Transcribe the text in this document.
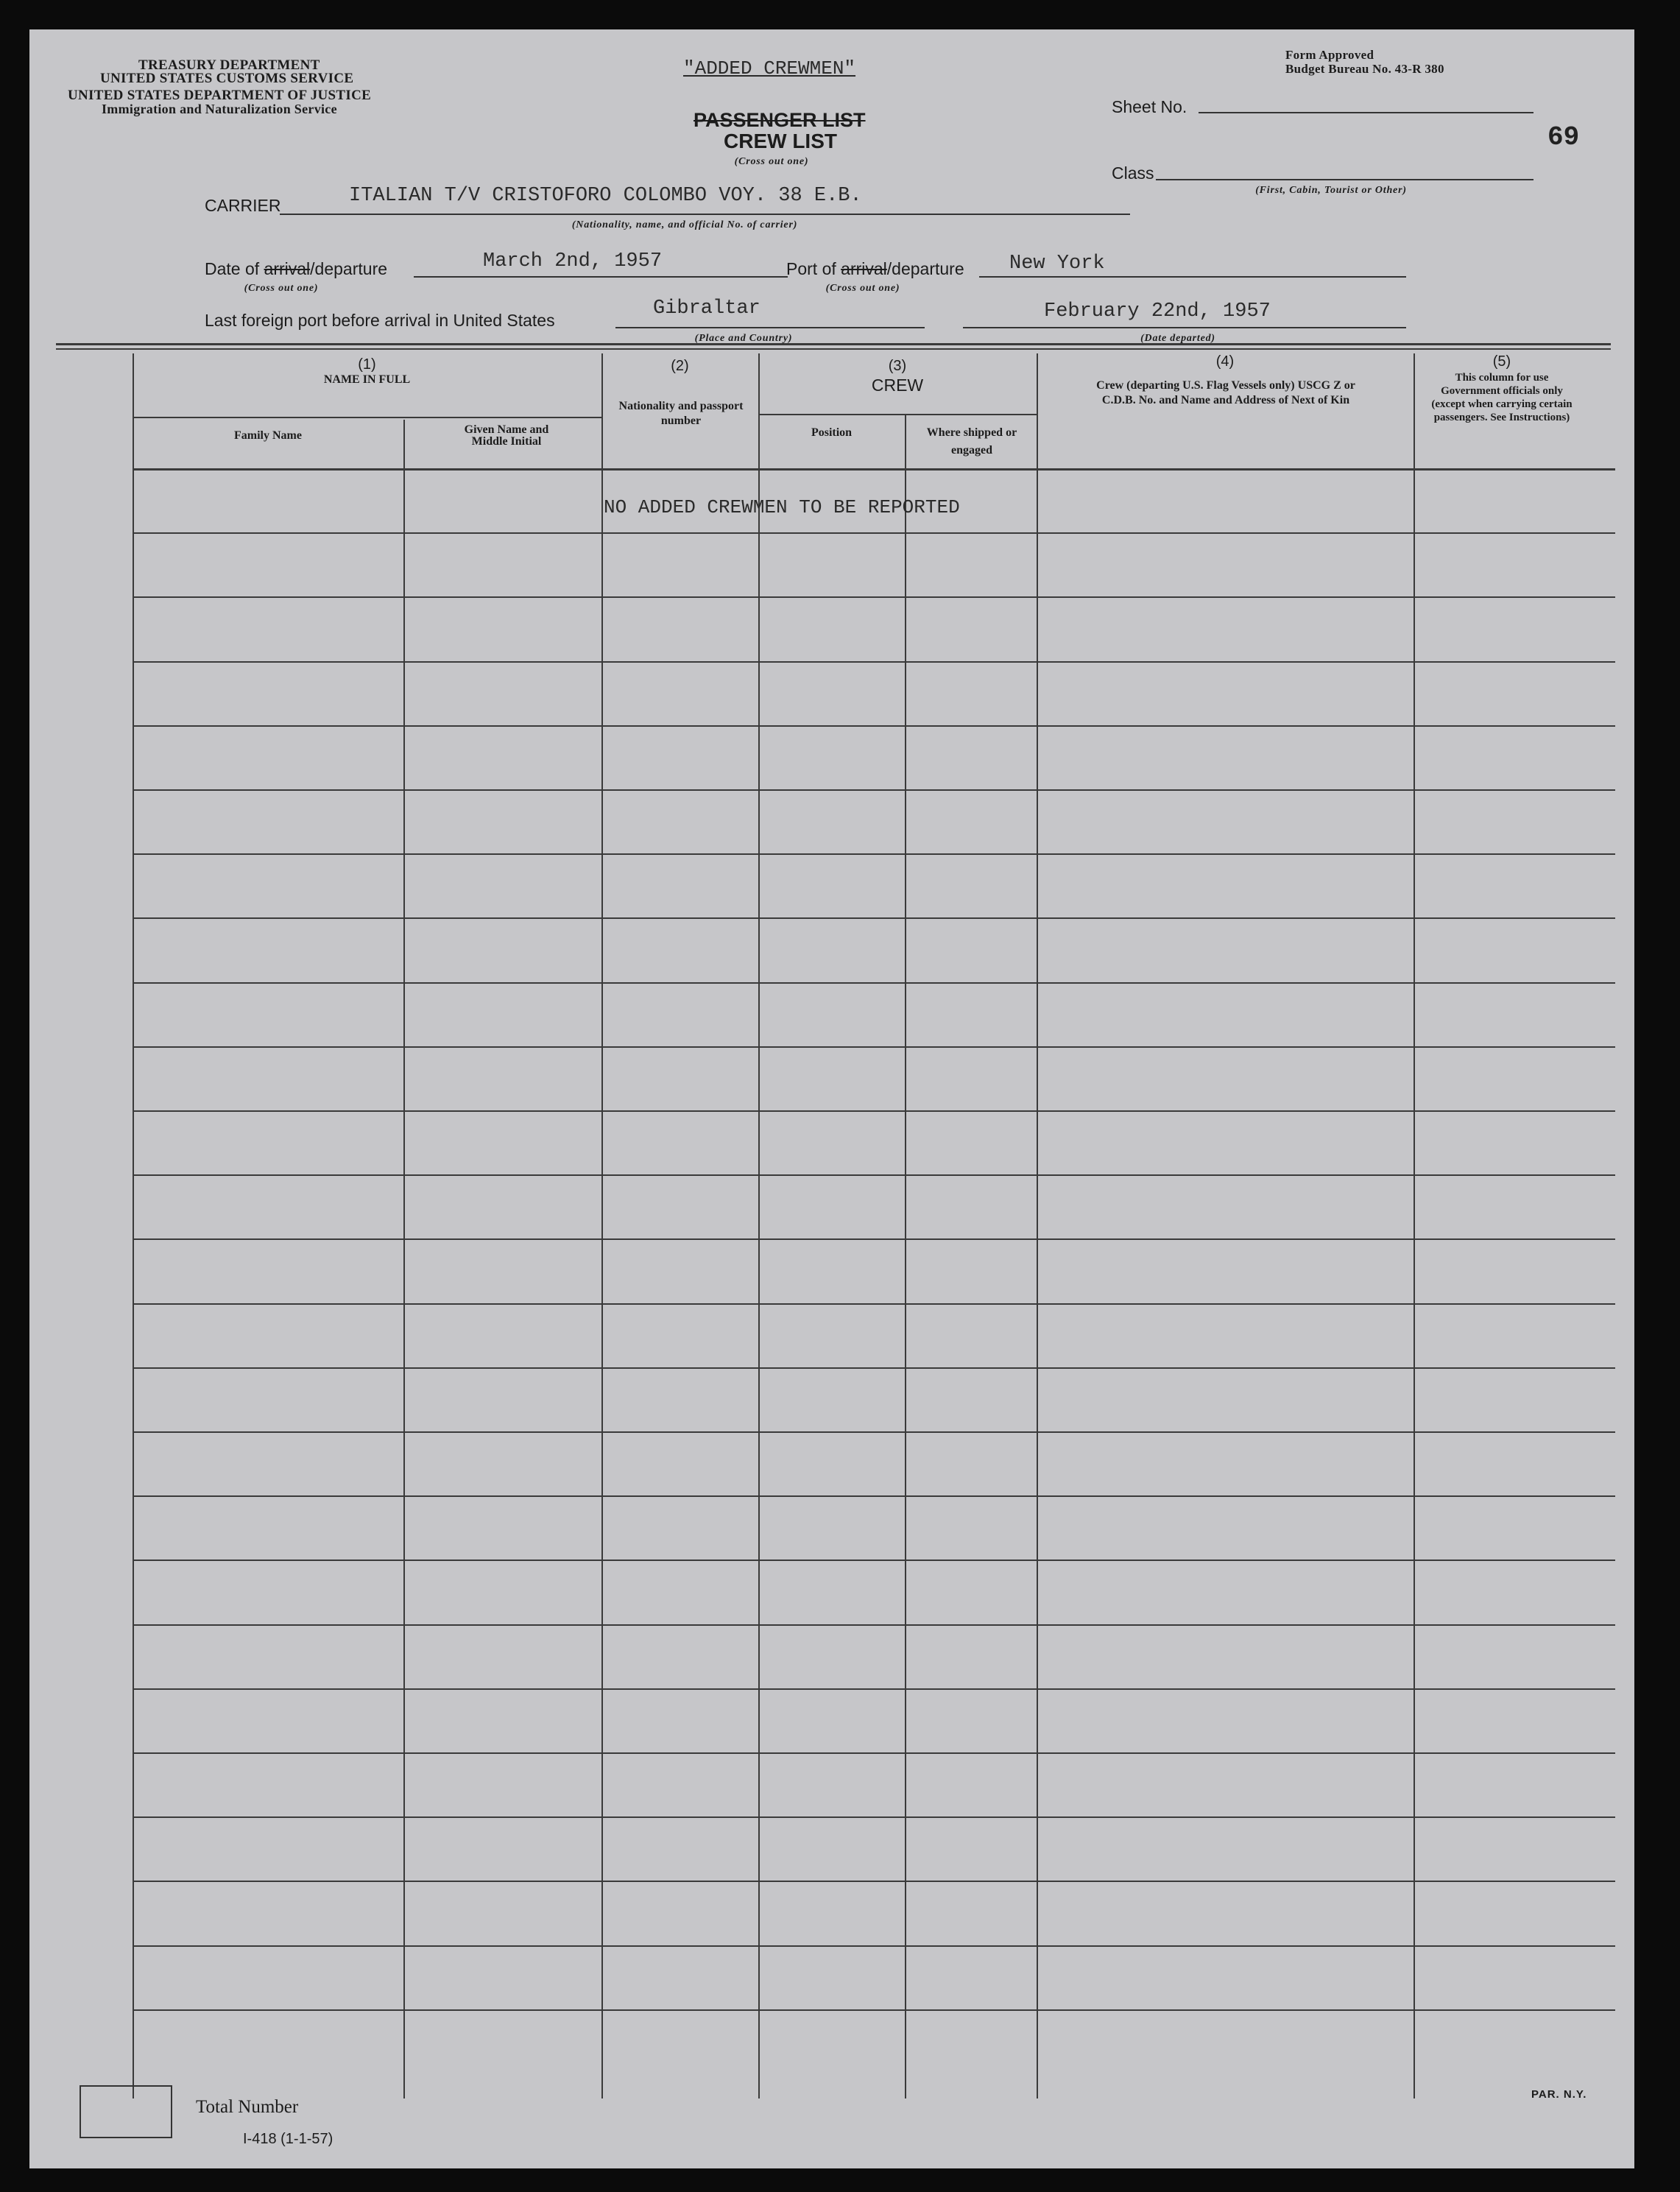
TREASURY DEPARTMENT
UNITED STATES CUSTOMS SERVICE
UNITED STATES DEPARTMENT OF JUSTICE
Immigration and Naturalization Service
"ADDED CREWMEN"
Form Approved
Budget Bureau No. 43-R 380
PASSENGER LIST
CREW LIST
(Cross out one)
Sheet No.
69
Class
(First, Cabin, Tourist or Other)
CARRIER	ITALIAN T/V CRISTOFORO COLOMBO VOY. 38 E.B.
(Nationality, name, and official No. of carrier)
Date of arrival/departure	March 2nd, 1957
(Cross out one)
Port of arrival/departure New York
(Cross out one)
Last foreign port before arrival in United States
Gibraltar
(Place and Country)
February 22nd, 1957
(Date departed)
(1)
NAME IN FULL
Family Name	Given Name and Middle Initial
(2)
Nationality and passport number
(3)
CREW
Position	Where shipped or engaged
(4)
Crew (departing U.S. Flag Vessels only) USCG Z or C.D.B. No. and Name and Address of Next of Kin
(5)
This column for use Government officials only (except when carrying certain passengers. See Instructions)
NO ADDED CREWMEN TO BE REPORTED
Total Number
I-418 (1-1-57)
PAR. N.Y.
